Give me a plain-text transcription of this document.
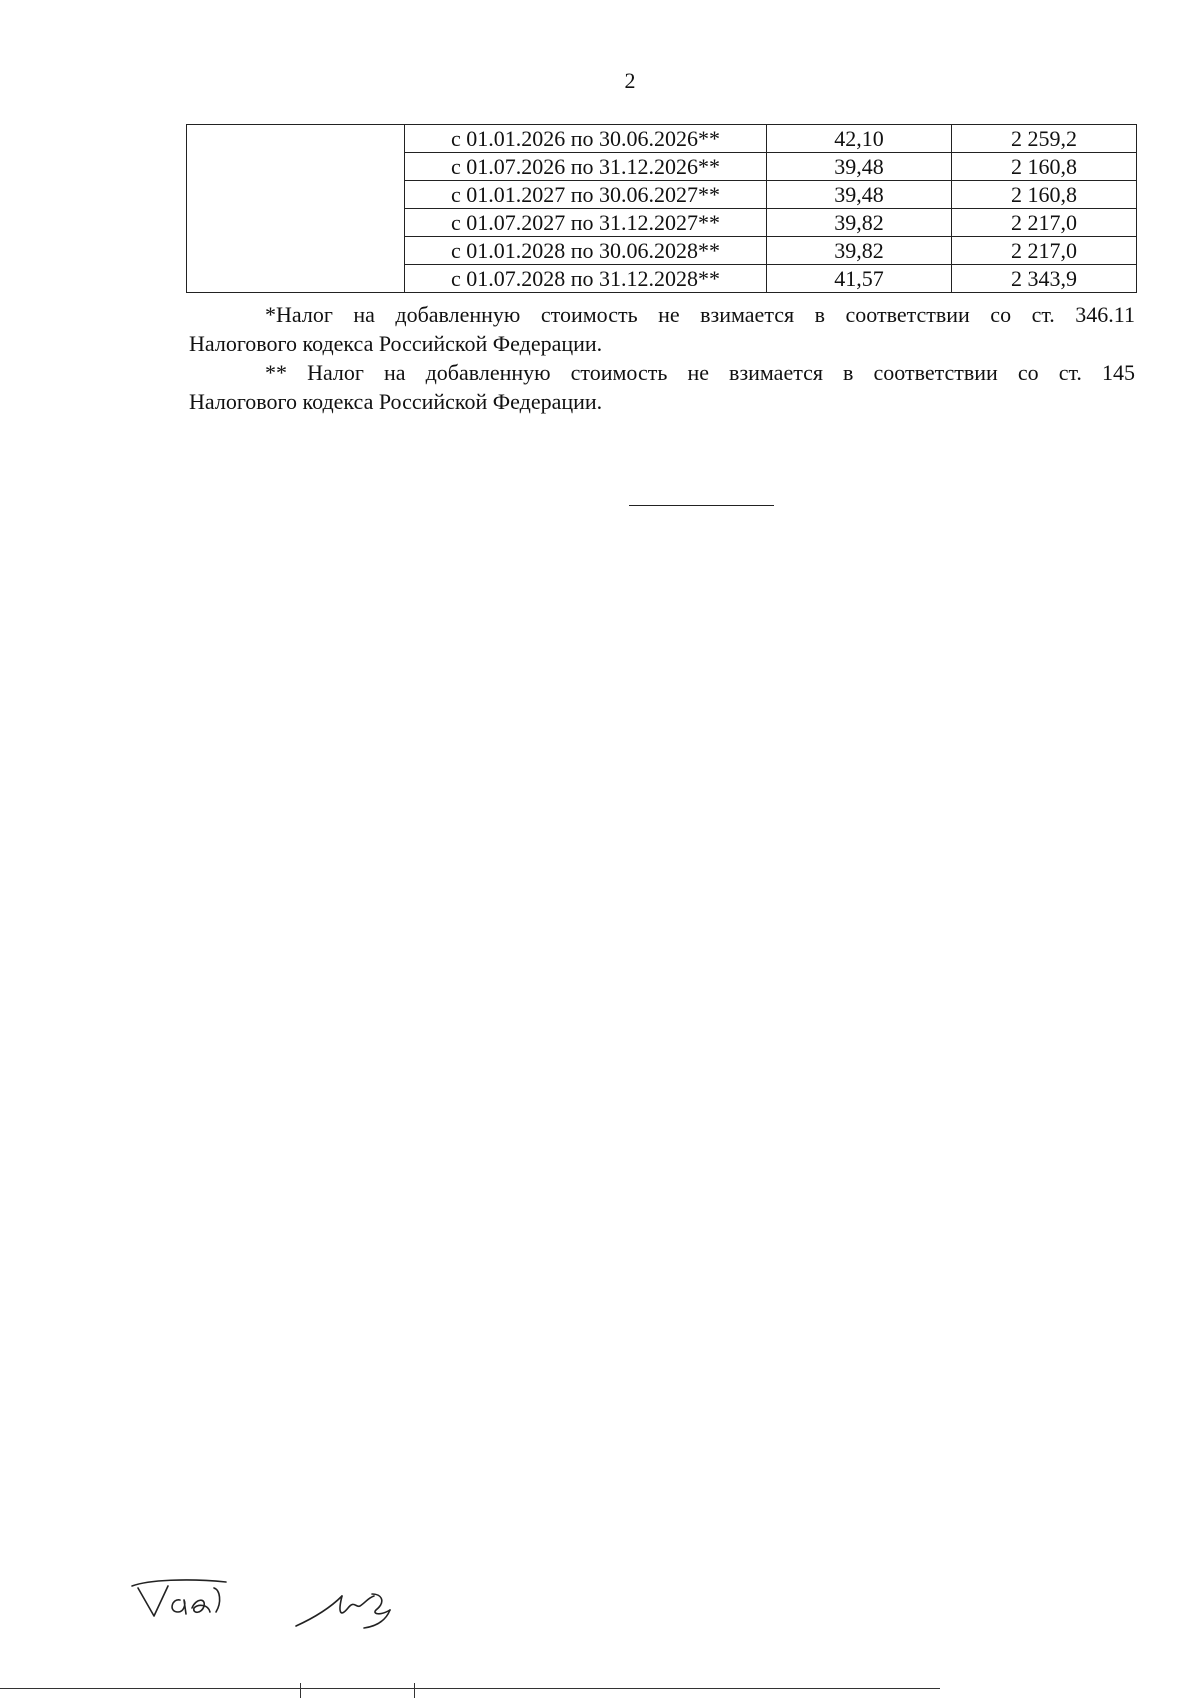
2
	с 01.01.2026 по 30.06.2026**	42,10	2 259,2
	с 01.07.2026 по 31.12.2026**	39,48	2 160,8
	с 01.01.2027 по 30.06.2027**	39,48	2 160,8
	с 01.07.2027 по 31.12.2027**	39,82	2 217,0
	с 01.01.2028 по 30.06.2028**	39,82	2 217,0
	с 01.07.2028 по 31.12.2028**	41,57	2 343,9

*Налог на добавленную стоимость не взимается в соответствии со ст. 346.11
Налогового кодекса Российской Федерации.

** Налог на добавленную стоимость не взимается в соответствии со ст. 145
Налогового кодекса Российской Федерации.
